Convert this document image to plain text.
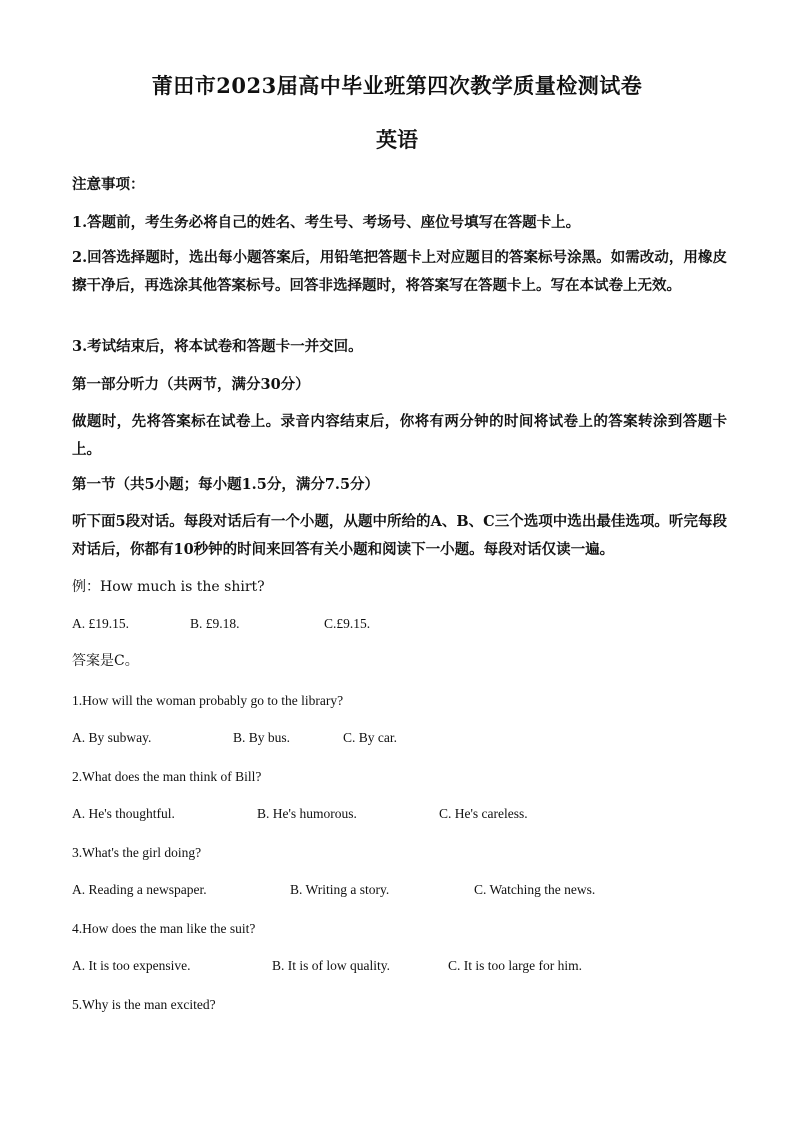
莆田市2023届高中毕业班第四次教学质量检测试卷
英语
注意事项：
1.答题前，考生务必将自己的姓名、考生号、考场号、座位号填写在答题卡上。
2.回答选择题时，选出每小题答案后，用铅笔把答题卡上对应题目的答案标号涂黑。如需改动，用橡皮擦干净后，再选涂其他答案标号。回答非选择题时，将答案写在答题卡上。写在本试卷上无效。
3.考试结束后，将本试卷和答题卡一并交回。
第一部分听力（共两节，满分30分）
做题时，先将答案标在试卷上。录音内容结束后，你将有两分钟的时间将试卷上的答案转涂到答题卡上。
第一节（共5小题；每小题1.5分，满分7.5分）
听下面5段对话。每段对话后有一个小题，从题中所给的A、B、C三个选项中选出最佳选项。听完每段对话后，你都有10秒钟的时间来回答有关小题和阅读下一小题。每段对话仅读一遍。
例：How much is the shirt?
A. £19.15.	B. £9.18.	C.£9.15.
答案是C。
1.How will the woman probably go to the library?
A. By subway.	B. By bus.	C. By car.
2.What does the man think of Bill?
A. He's thoughtful.	B. He's humorous.	C. He's careless.
3.What's the girl doing?
A. Reading a newspaper.	B. Writing a story.	C. Watching the news.
4.How does the man like the suit?
A. It is too expensive.	B. It is of low quality.	C. It is too large for him.
5.Why is the man excited?
